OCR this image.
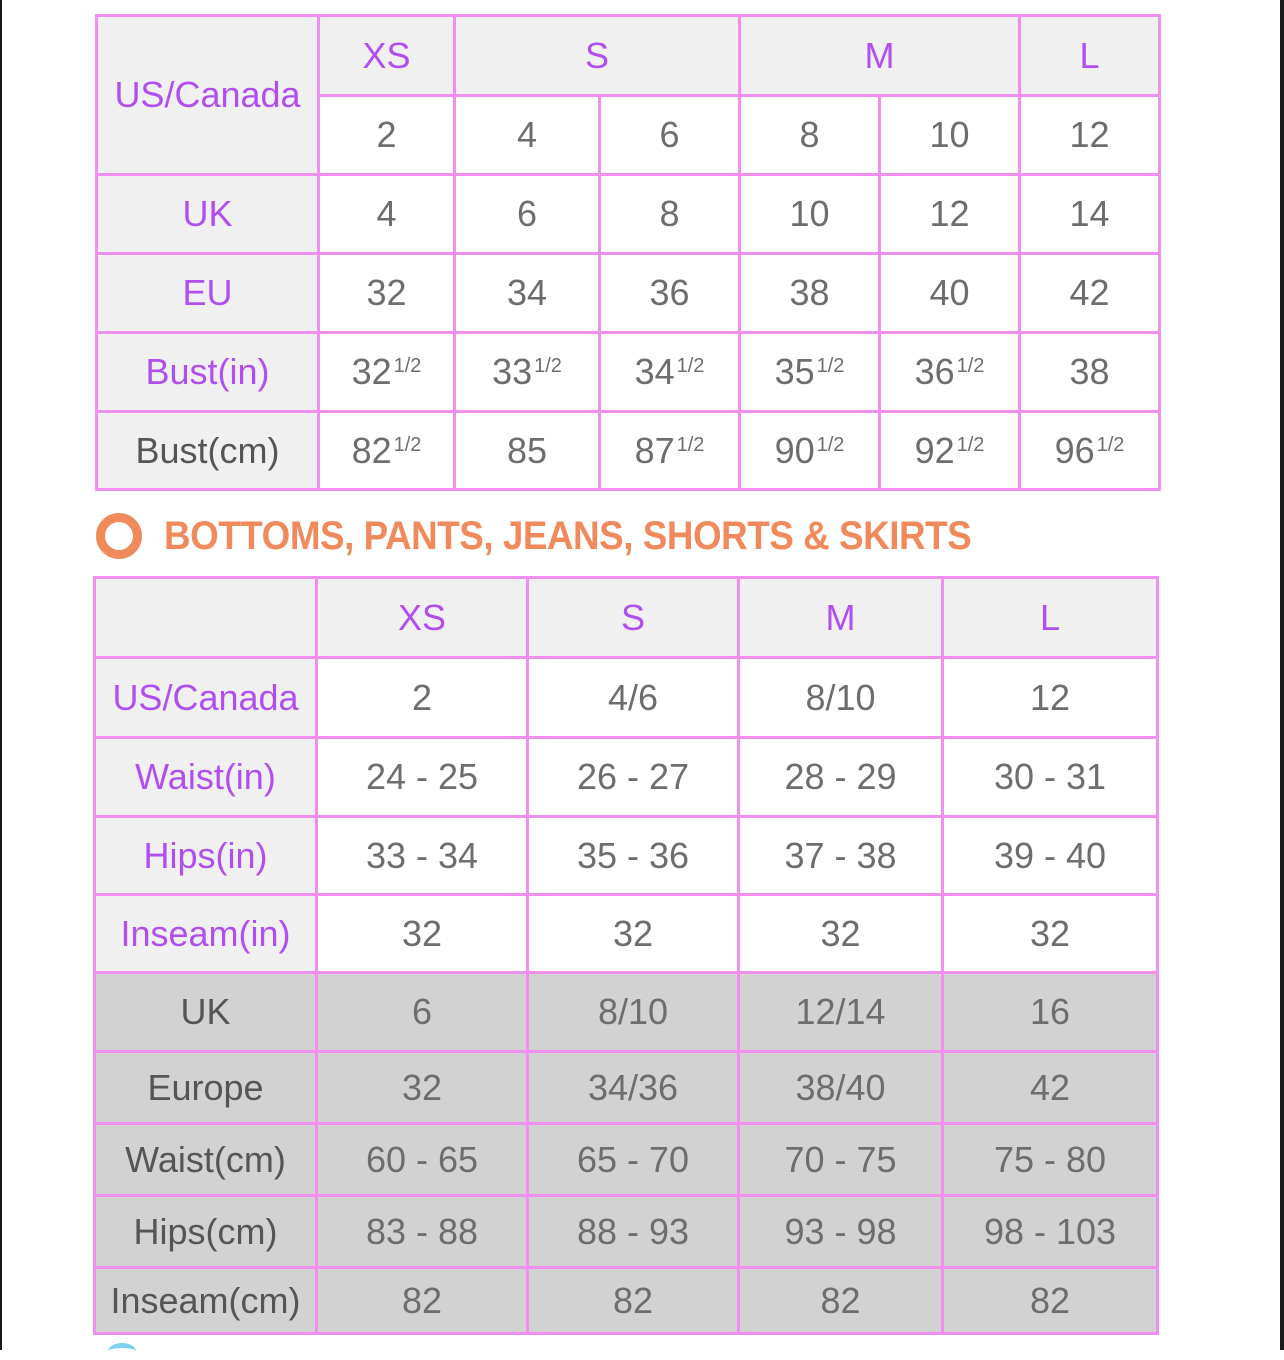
US/Canada	XS	S		M		L
	2	4	6	8	10	12
UK	4	6	8	10	12	14
EU	32	34	36	38	40	42
Bust(in)	32 $^{1/2}$	33 $^{1/2}$	34 $^{1/2}$	35 $^{1/2}$	36 $^{1/2}$	38
Bust(cm)	82 $^{1/2}$	85	87 $^{1/2}$	90 $^{1/2}$	92 $^{1/2}$	96 $^{1/2}$
BOTTOMS, PANTS, JEANS, SHORTS & SKIRTS
	XS	S	M	L
US/Canada	2	4/6	8/10	12
Waist(in)	24 - 25	26 - 27	28 - 29	30 - 31
Hips(in)	33 - 34	35 - 36	37 - 38	39 - 40
Inseam(in)	32	32	32	32
UK	6	8/10	12/14	16
Europe	32	34/36	38/40	42
Waist(cm)	60 - 65	65 - 70	70 - 75	75 - 80
Hips(cm)	83 - 88	88 - 93	93 - 98	98 - 103
Inseam(cm)	82	82	82	82
